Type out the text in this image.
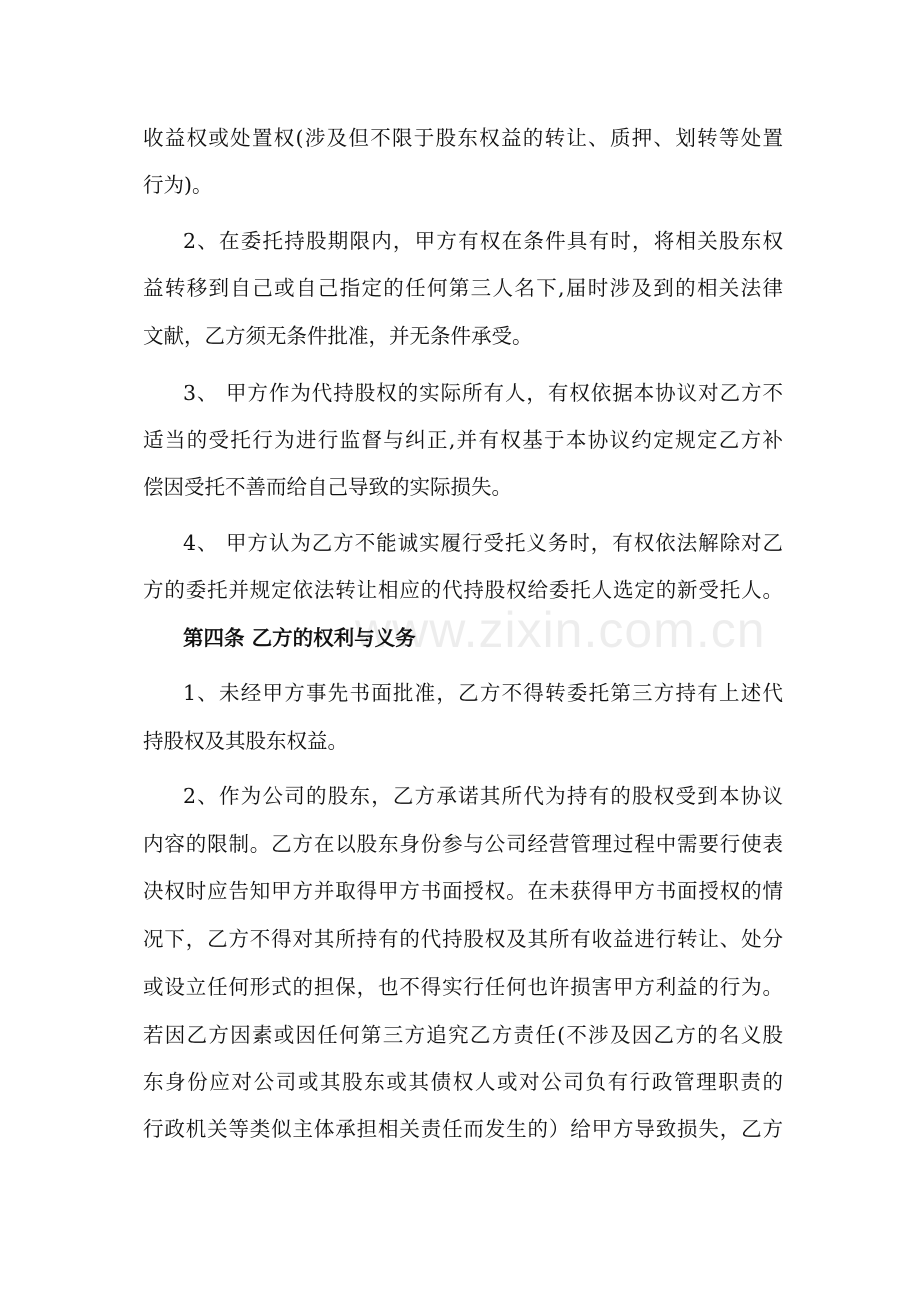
www.zixin.com.cn
收益权或处置权(涉及但不限于股东权益的转让、质押、划转等处置
行为)。
2、在委托持股期限内，甲方有权在条件具有时，将相关股东权
益转移到自己或自己指定的任何第三人名下,届时涉及到的相关法律
文献，乙方须无条件批准，并无条件承受。
3、 甲方作为代持股权的实际所有人，有权依据本协议对乙方不
适当的受托行为进行监督与纠正,并有权基于本协议约定规定乙方补
偿因受托不善而给自己导致的实际损失。
4、 甲方认为乙方不能诚实履行受托义务时，有权依法解除对乙
方的委托并规定依法转让相应的代持股权给委托人选定的新受托人。
第四条 乙方的权利与义务
1、未经甲方事先书面批准，乙方不得转委托第三方持有上述代
持股权及其股东权益。
2、作为公司的股东，乙方承诺其所代为持有的股权受到本协议
内容的限制。乙方在以股东身份参与公司经营管理过程中需要行使表
决权时应告知甲方并取得甲方书面授权。在未获得甲方书面授权的情
况下，乙方不得对其所持有的代持股权及其所有收益进行转让、处分
或设立任何形式的担保，也不得实行任何也许损害甲方利益的行为。
若因乙方因素或因任何第三方追究乙方责任(不涉及因乙方的名义股
东身份应对公司或其股东或其债权人或对公司负有行政管理职责的
行政机关等类似主体承担相关责任而发生的）给甲方导致损失，乙方
